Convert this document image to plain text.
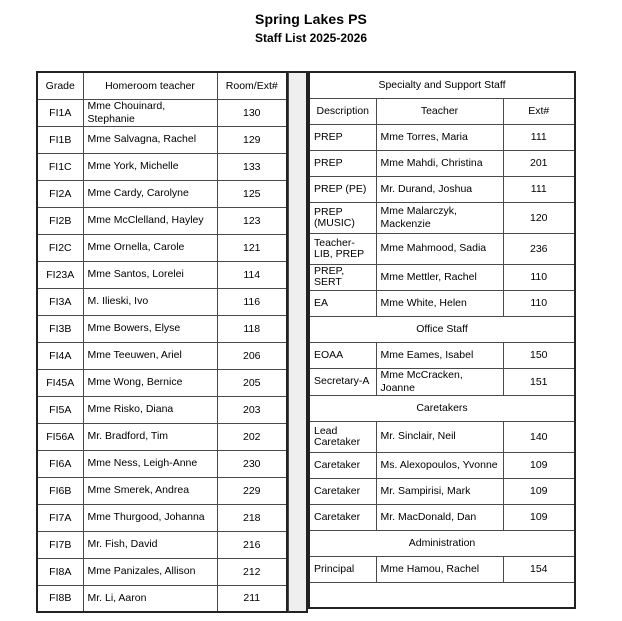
Spring Lakes PS
Staff List 2025-2026
Grade	Homeroom teacher	Room/Ext#
FI1A	Mme Chouinard, Stephanie	130
FI1B	Mme Salvagna, Rachel	129
FI1C	Mme York, Michelle	133
FI2A	Mme Cardy, Carolyne	125
FI2B	Mme McClelland, Hayley	123
FI2C	Mme Ornella, Carole	121
FI23A	Mme Santos, Lorelei	114
FI3A	M. Ilieski, Ivo	116
FI3B	Mme Bowers, Elyse	118
FI4A	Mme Teeuwen, Ariel	206
FI45A	Mme Wong, Bernice	205
FI5A	Mme Risko, Diana	203
FI56A	Mr. Bradford, Tim	202
FI6A	Mme Ness, Leigh-Anne	230
FI6B	Mme Smerek, Andrea	229
FI7A	Mme Thurgood, Johanna	218
FI7B	Mr. Fish, David	216
FI8A	Mme Panizales, Allison	212
FI8B	Mr. Li, Aaron	211
Specialty and Support Staff		
Description	Teacher	Ext#
PREP	Mme Torres, Maria	111
PREP	Mme Mahdi, Christina	201
PREP (PE)	Mr. Durand, Joshua	111
PREP (MUSIC)	Mme Malarczyk, Mackenzie	120
Teacher-LIB, PREP	Mme Mahmood, Sadia	236
PREP, SERT	Mme Mettler, Rachel	110
EA	Mme White, Helen	110
Office Staff		
EOAA	Mme Eames, Isabel	150
Secretary-A	Mme McCracken, Joanne	151
Caretakers		
Lead Caretaker	Mr. Sinclair, Neil	140
Caretaker	Ms. Alexopoulos, Yvonne	109
Caretaker	Mr. Sampirisi, Mark	109
Caretaker	Mr. MacDonald, Dan	109
Administration		
Principal	Mme Hamou, Rachel	154
